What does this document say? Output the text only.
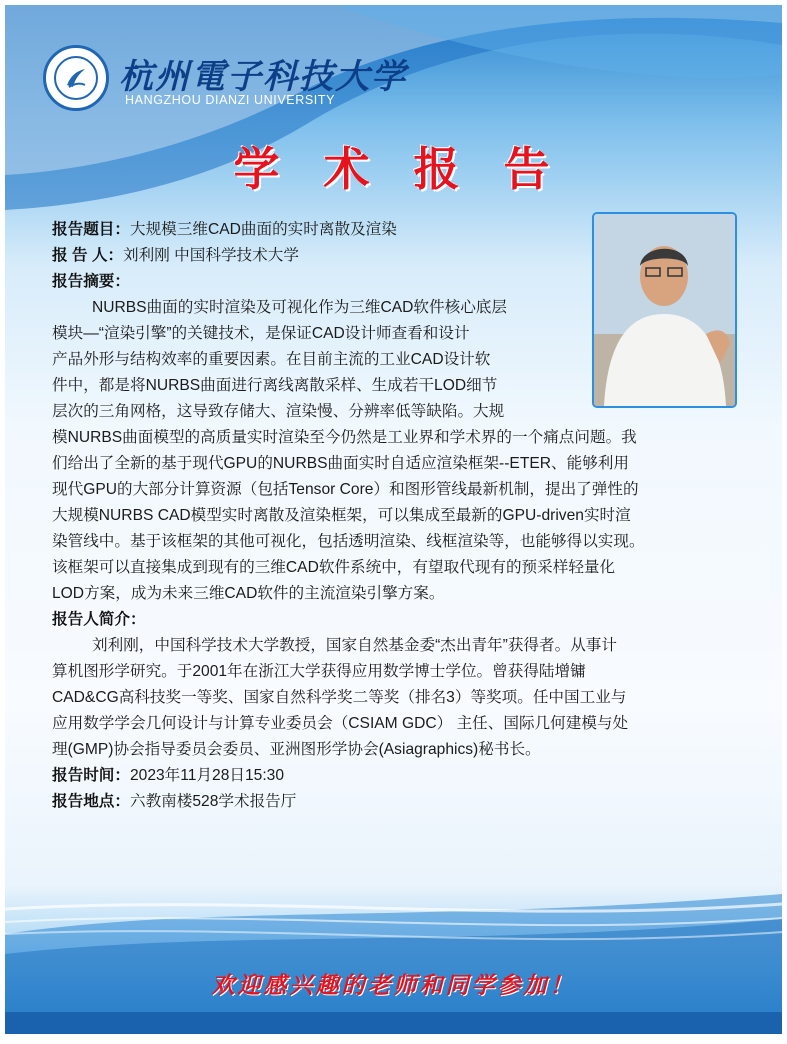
杭州電子科技大学
HANGZHOU DIANZI UNIVERSITY
学术报告
报告题目：大规模三维CAD曲面的实时离散及渲染
报 告 人：刘利刚 中国科学技术大学
报告摘要：
NURBS曲面的实时渲染及可视化作为三维CAD软件核心底层
模块—“渲染引擎”的关键技术，是保证CAD设计师查看和设计
产品外形与结构效率的重要因素。在目前主流的工业CAD设计软
件中，都是将NURBS曲面进行离线离散采样、生成若干LOD细节
层次的三角网格，这导致存储大、渲染慢、分辨率低等缺陷。大规
模NURBS曲面模型的高质量实时渲染至今仍然是工业界和学术界的一个痛点问题。我
们给出了全新的基于现代GPU的NURBS曲面实时自适应渲染框架--ETER、能够利用
现代GPU的大部分计算资源（包括Tensor Core）和图形管线最新机制，提出了弹性的
大规模NURBS CAD模型实时离散及渲染框架，可以集成至最新的GPU-driven实时渲
染管线中。基于该框架的其他可视化，包括透明渲染、线框渲染等，也能够得以实现。
该框架可以直接集成到现有的三维CAD软件系统中，有望取代现有的预采样轻量化
LOD方案，成为未来三维CAD软件的主流渲染引擎方案。
报告人简介：
刘利刚，中国科学技术大学教授，国家自然基金委“杰出青年”获得者。从事计
算机图形学研究。于2001年在浙江大学获得应用数学博士学位。曾获得陆增镛
CAD&CG高科技奖一等奖、国家自然科学奖二等奖（排名3）等奖项。任中国工业与
应用数学学会几何设计与计算专业委员会（CSIAM GDC） 主任、国际几何建模与处
理(GMP)协会指导委员会委员、亚洲图形学协会(Asiagraphics)秘书长。
报告时间：2023年11月28日15:30
报告地点：六教南楼528学术报告厅
欢迎感兴趣的老师和同学参加！
